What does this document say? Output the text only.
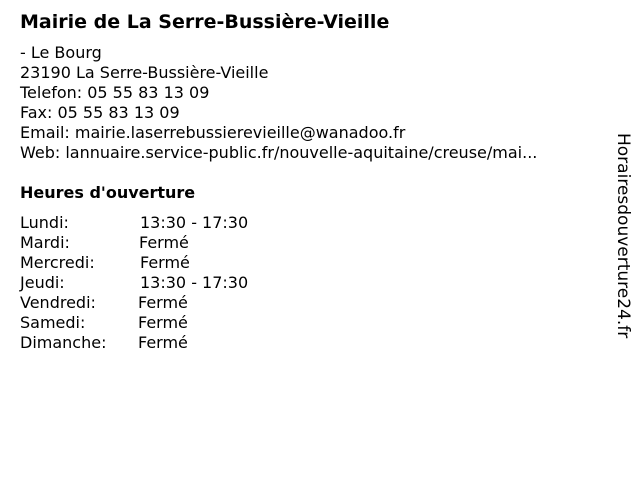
Mairie de La Serre-Bussière-Vieille
- Le Bourg
23190 La Serre-Bussière-Vieille
Telefon: 05 55 83 13 09
Fax: 05 55 83 13 09
Email: mairie.laserrebussierevieille@wanadoo.fr
Web: lannuaire.service-public.fr/nouvelle-aquitaine/creuse/mai...
Heures d'ouverture
Lundi:	13:30 - 17:30
Mardi:	Fermé
Mercredi:	Fermé
Jeudi:	13:30 - 17:30
Vendredi:	Fermé
Samedi:	Fermé
Dimanche: Fermé
Horairesdouverture24.fr
